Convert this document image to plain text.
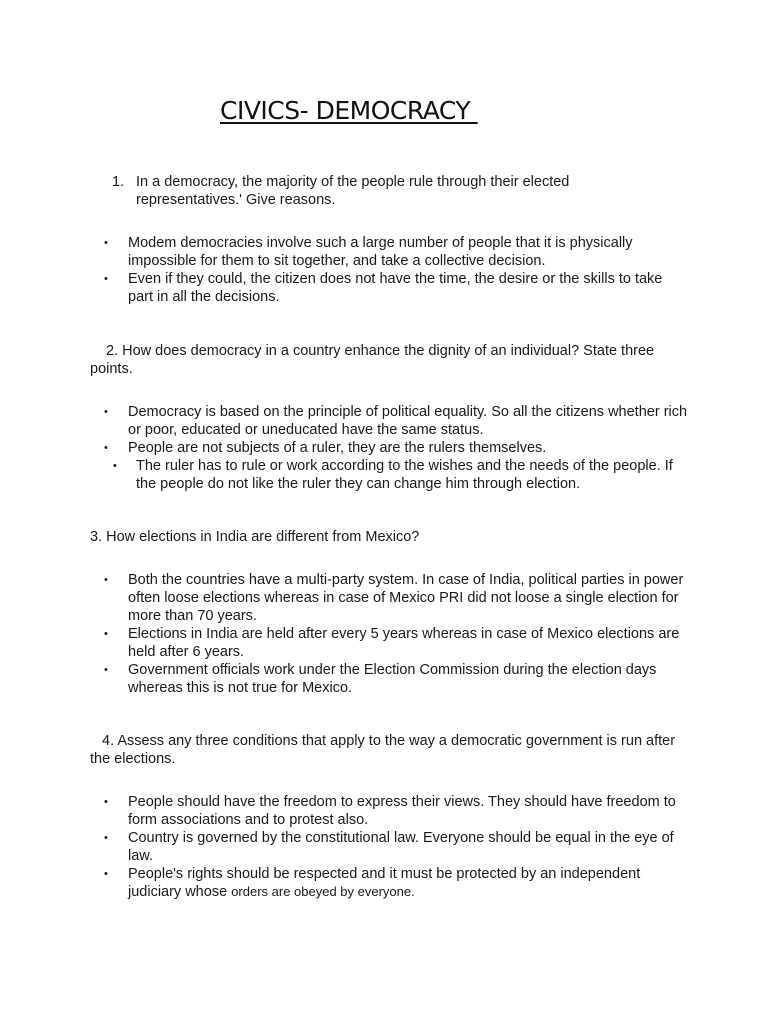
CIVICS- DEMOCRACY
1. In a democracy, the majority of the people rule through their elected representatives.' Give reasons.
• Modem democracies involve such a large number of people that it is physically impossible for them to sit together, and take a collective decision.
• Even if they could, the citizen does not have the time, the desire or the skills to take part in all the decisions.

2. How does democracy in a country enhance the dignity of an individual? State three points.

• Democracy is based on the principle of political equality. So all the citizens whether rich or poor, educated or uneducated have the same status.
• People are not subjects of a ruler, they are the rulers themselves.
• The ruler has to rule or work according to the wishes and the needs of the people. If the people do not like the ruler they can change him through election.

3. How elections in India are different from Mexico?

• Both the countries have a multi-party system. In case of India, political parties in power often loose elections whereas in case of Mexico PRI did not loose a single election for more than 70 years.
• Elections in India are held after every 5 years whereas in case of Mexico elections are held after 6 years.
• Government officials work under the Election Commission during the election days whereas this is not true for Mexico.

4. Assess any three conditions that apply to the way a democratic government is run after the elections.

• People should have the freedom to express their views. They should have freedom to form associations and to protest also.
• Country is governed by the constitutional law. Everyone should be equal in the eye of law.
• People's rights should be respected and it must be protected by an independent judiciary whose orders are obeyed by everyone.
